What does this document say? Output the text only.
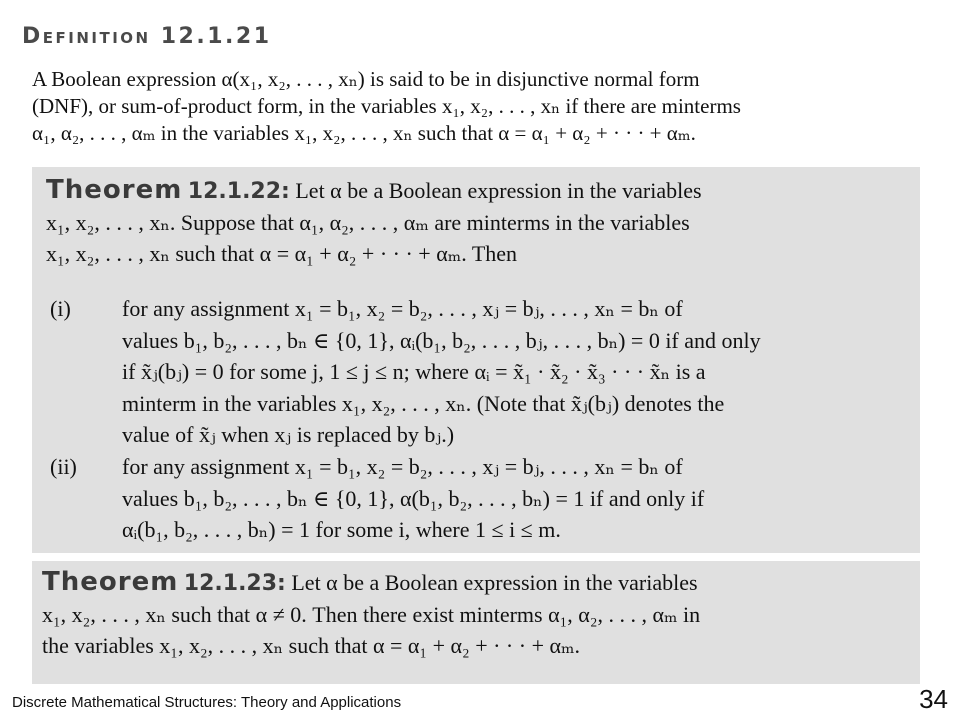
Definition 12.1.21
A Boolean expression α(x₁, x₂, . . . , xₙ) is said to be in disjunctive normal form
(DNF), or sum-of-product form, in the variables x₁, x₂, . . . , xₙ if there are minterms
α₁, α₂, . . . , αₘ in the variables x₁, x₂, . . . , xₙ such that α = α₁ + α₂ + · · · + αₘ.
Theorem 12.1.22: Let α be a Boolean expression in the variables
x₁, x₂, . . . , xₙ. Suppose that α₁, α₂, . . . , αₘ are minterms in the variables
x₁, x₂, . . . , xₙ such that α = α₁ + α₂ + · · · + αₘ. Then
(i)	for any assignment x₁ = b₁, x₂ = b₂, . . . , xⱼ = bⱼ, . . . , xₙ = bₙ of
values b₁, b₂, . . . , bₙ ∈ {0, 1}, αᵢ(b₁, b₂, . . . , bⱼ, . . . , bₙ) = 0 if and only
if x̃ⱼ(bⱼ) = 0 for some j, 1 ≤ j ≤ n; where αᵢ = x̃₁ · x̃₂ · x̃₃ · · · x̃ₙ is a
minterm in the variables x₁, x₂, . . . , xₙ. (Note that x̃ⱼ(bⱼ) denotes the
value of x̃ⱼ when xⱼ is replaced by bⱼ.)
(ii)	for any assignment x₁ = b₁, x₂ = b₂, . . . , xⱼ = bⱼ, . . . , xₙ = bₙ of
values b₁, b₂, . . . , bₙ ∈ {0, 1}, α(b₁, b₂, . . . , bₙ) = 1 if and only if
αᵢ(b₁, b₂, . . . , bₙ) = 1 for some i, where 1 ≤ i ≤ m.
Theorem 12.1.23: Let α be a Boolean expression in the variables
x₁, x₂, . . . , xₙ such that α ≠ 0. Then there exist minterms α₁, α₂, . . . , αₘ in
the variables x₁, x₂, . . . , xₙ such that α = α₁ + α₂ + · · · + αₘ.
Discrete Mathematical Structures: Theory and Applications	34
